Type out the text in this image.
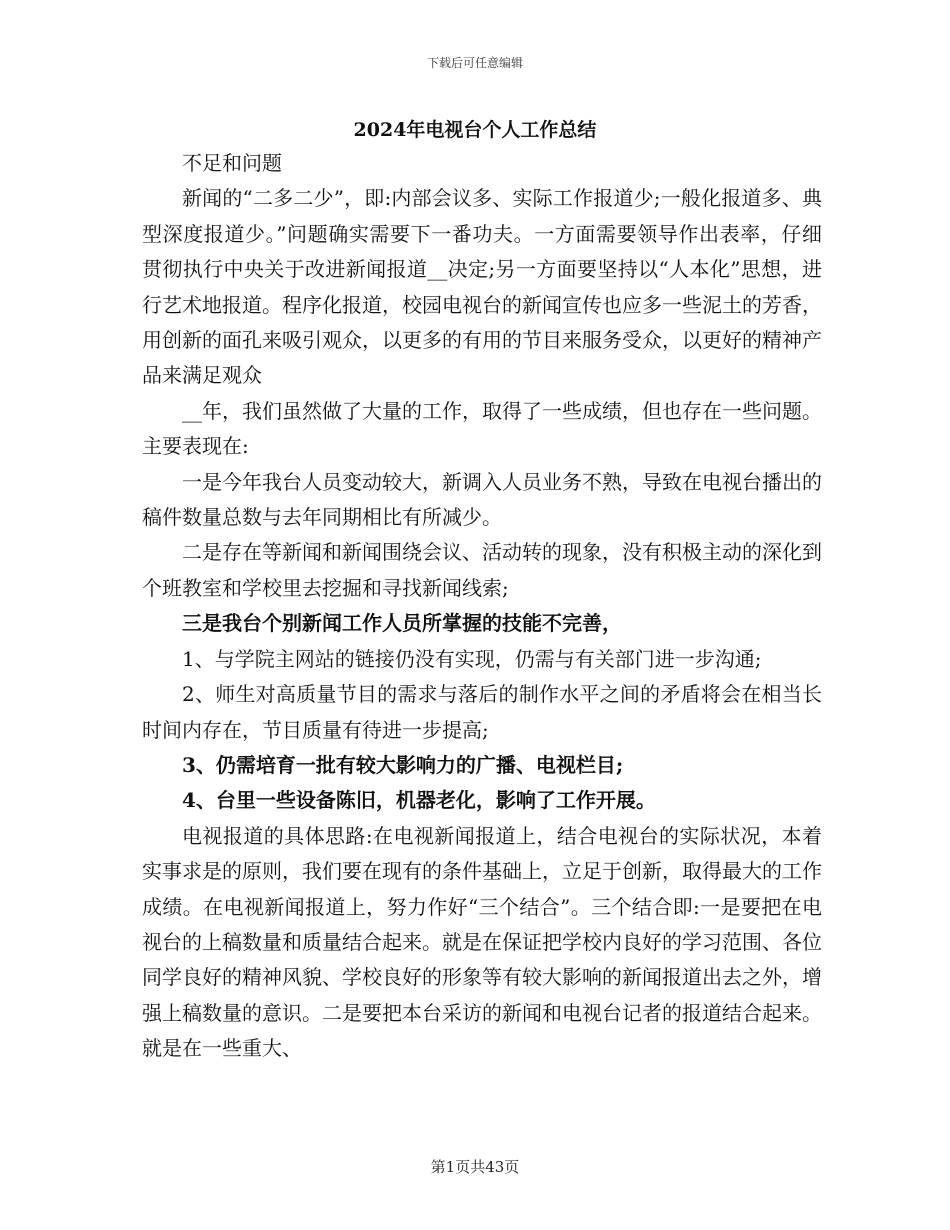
下载后可任意编辑
2024年电视台个人工作总结

不足和问题

新闻的“二多二少”，即:内部会议多、实际工作报道少;一般化报道多、典型深度报道少。”问题确实需要下一番功夫。一方面需要领导作出表率，仔细贯彻执行中央关于改进新闻报道__决定;另一方面要坚持以“人本化”思想，进行艺术地报道。程序化报道，校园电视台的新闻宣传也应多一些泥土的芳香，用创新的面孔来吸引观众，以更多的有用的节目来服务受众，以更好的精神产品来满足观众

__年，我们虽然做了大量的工作，取得了一些成绩，但也存在一些问题。主要表现在:

一是今年我台人员变动较大，新调入人员业务不熟，导致在电视台播出的稿件数量总数与去年同期相比有所减少。

二是存在等新闻和新闻围绕会议、活动转的现象，没有积极主动的深化到个班教室和学校里去挖掘和寻找新闻线索;

三是我台个别新闻工作人员所掌握的技能不完善，

1、与学院主网站的链接仍没有实现，仍需与有关部门进一步沟通;

2、师生对高质量节目的需求与落后的制作水平之间的矛盾将会在相当长时间内存在，节目质量有待进一步提高;

3、仍需培育一批有较大影响力的广播、电视栏目;

4、台里一些设备陈旧，机器老化，影响了工作开展。

电视报道的具体思路:在电视新闻报道上，结合电视台的实际状况，本着实事求是的原则，我们要在现有的条件基础上，立足于创新，取得最大的工作成绩。在电视新闻报道上，努力作好“三个结合”。三个结合即:一是要把在电视台的上稿数量和质量结合起来。就是在保证把学校内良好的学习范围、各位同学良好的精神风貌、学校良好的形象等有较大影响的新闻报道出去之外，增强上稿数量的意识。二是要把本台采访的新闻和电视台记者的报道结合起来。就是在一些重大、

第1页共43页
